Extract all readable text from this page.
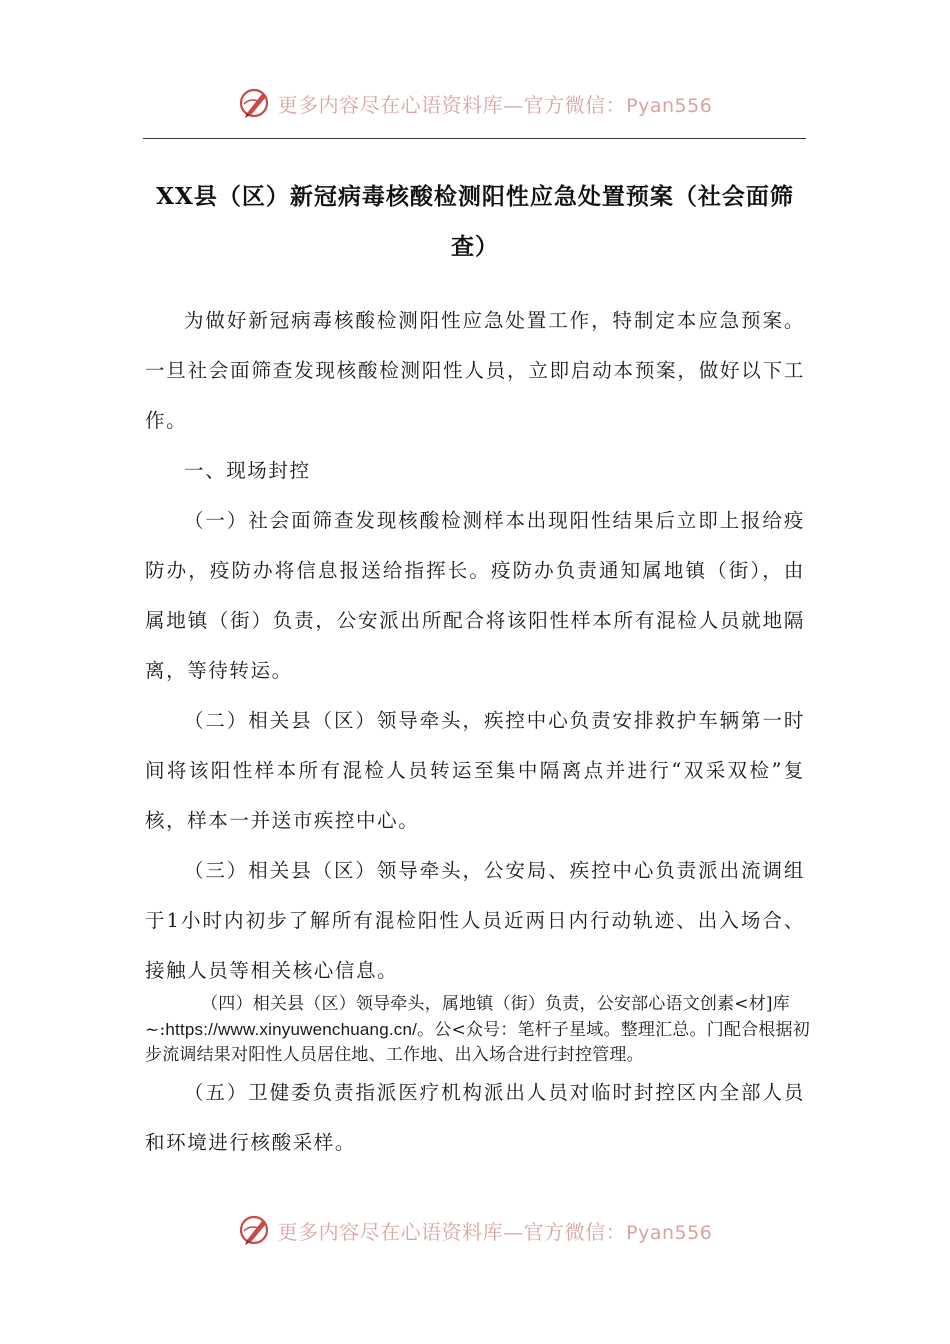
更多内容尽在心语资料库—官方微信：Pyan556
XX县（区）新冠病毒核酸检测阳性应急处置预案（社会面筛查）

为做好新冠病毒核酸检测阳性应急处置工作，特制定本应急预案。一旦社会面筛查发现核酸检测阳性人员，立即启动本预案，做好以下工作。

一、现场封控

（一）社会面筛查发现核酸检测样本出现阳性结果后立即上报给疫防办，疫防办将信息报送给指挥长。疫防办负责通知属地镇（街），由属地镇（街）负责，公安派出所配合将该阳性样本所有混检人员就地隔离，等待转运。

（二）相关县（区）领导牵头，疾控中心负责安排救护车辆第一时间将该阳性样本所有混检人员转运至集中隔离点并进行“双采双检”复核，样本一并送市疾控中心。

（三）相关县（区）领导牵头，公安局、疾控中心负责派出流调组于1小时内初步了解所有混检阳性人员近两日内行动轨迹、出入场合、接触人员等相关核心信息。

（四）相关县（区）领导牵头，属地镇（街）负责，公安部心语文创素<材]库~:https://www.xinyuwenchuang.cn/。公<众号：笔杆子星域。整理汇总。门配合根据初步流调结果对阳性人员居住地、工作地、出入场合进行封控管理。

（五）卫健委负责指派医疗机构派出人员对临时封控区内全部人员和环境进行核酸采样。

更多内容尽在心语资料库—官方微信：Pyan556
